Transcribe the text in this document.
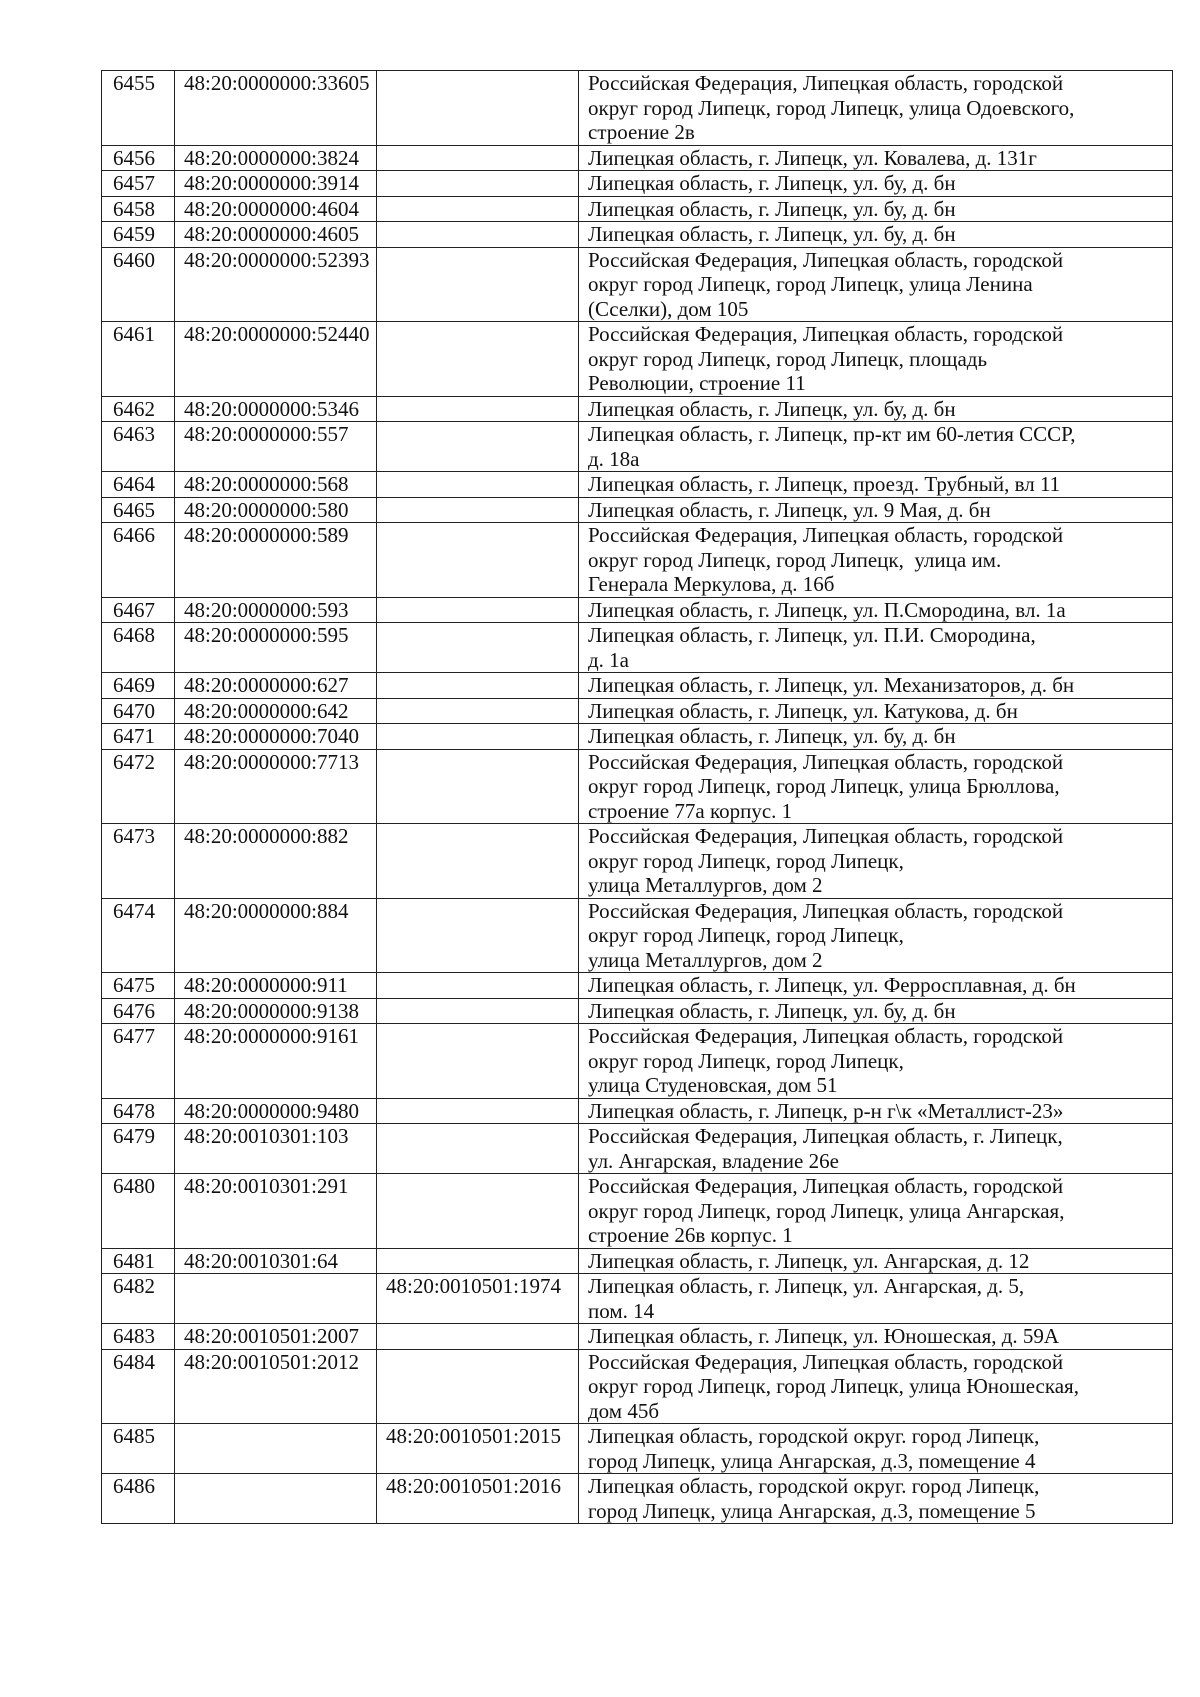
6455	48:20:0000000:33605		Российская Федерация, Липецкая область, городской
округ город Липецк, город Липецк, улица Одоевского,
строение 2в
6456	48:20:0000000:3824		Липецкая область, г. Липецк, ул. Ковалева, д. 131г
6457	48:20:0000000:3914		Липецкая область, г. Липецк, ул. бу, д. бн
6458	48:20:0000000:4604		Липецкая область, г. Липецк, ул. бу, д. бн
6459	48:20:0000000:4605		Липецкая область, г. Липецк, ул. бу, д. бн
6460	48:20:0000000:52393		Российская Федерация, Липецкая область, городской
округ город Липецк, город Липецк, улица Ленина
(Сселки), дом 105
6461	48:20:0000000:52440		Российская Федерация, Липецкая область, городской
округ город Липецк, город Липецк, площадь
Революции, строение 11
6462	48:20:0000000:5346		Липецкая область, г. Липецк, ул. бу, д. бн
6463	48:20:0000000:557		Липецкая область, г. Липецк, пр-кт им 60-летия СССР,
д. 18а
6464	48:20:0000000:568		Липецкая область, г. Липецк, проезд. Трубный, вл 11
6465	48:20:0000000:580		Липецкая область, г. Липецк, ул. 9 Мая, д. бн
6466	48:20:0000000:589		Российская Федерация, Липецкая область, городской
округ город Липецк, город Липецк,  улица им.
Генерала Меркулова, д. 16б
6467	48:20:0000000:593		Липецкая область, г. Липецк, ул. П.Смородина, вл. 1а
6468	48:20:0000000:595		Липецкая область, г. Липецк, ул. П.И. Смородина,
д. 1а
6469	48:20:0000000:627		Липецкая область, г. Липецк, ул. Механизаторов, д. бн
6470	48:20:0000000:642		Липецкая область, г. Липецк, ул. Катукова, д. бн
6471	48:20:0000000:7040		Липецкая область, г. Липецк, ул. бу, д. бн
6472	48:20:0000000:7713		Российская Федерация, Липецкая область, городской
округ город Липецк, город Липецк, улица Брюллова,
строение 77а корпус. 1
6473	48:20:0000000:882		Российская Федерация, Липецкая область, городской
округ город Липецк, город Липецк,
улица Металлургов, дом 2
6474	48:20:0000000:884		Российская Федерация, Липецкая область, городской
округ город Липецк, город Липецк,
улица Металлургов, дом 2
6475	48:20:0000000:911		Липецкая область, г. Липецк, ул. Ферросплавная, д. бн
6476	48:20:0000000:9138		Липецкая область, г. Липецк, ул. бу, д. бн
6477	48:20:0000000:9161		Российская Федерация, Липецкая область, городской
округ город Липецк, город Липецк,
улица Студеновская, дом 51
6478	48:20:0000000:9480		Липецкая область, г. Липецк, р-н г\к «Металлист-23»
6479	48:20:0010301:103		Российская Федерация, Липецкая область, г. Липецк,
ул. Ангарская, владение 26е
6480	48:20:0010301:291		Российская Федерация, Липецкая область, городской
округ город Липецк, город Липецк, улица Ангарская,
строение 26в корпус. 1
6481	48:20:0010301:64		Липецкая область, г. Липецк, ул. Ангарская, д. 12
6482		48:20:0010501:1974	Липецкая область, г. Липецк, ул. Ангарская, д. 5,
пом. 14
6483	48:20:0010501:2007		Липецкая область, г. Липецк, ул. Юношеская, д. 59А
6484	48:20:0010501:2012		Российская Федерация, Липецкая область, городской
округ город Липецк, город Липецк, улица Юношеская,
дом 45б
6485		48:20:0010501:2015	Липецкая область, городской округ. город Липецк,
город Липецк, улица Ангарская, д.3, помещение 4
6486		48:20:0010501:2016	Липецкая область, городской округ. город Липецк,
город Липецк, улица Ангарская, д.3, помещение 5
